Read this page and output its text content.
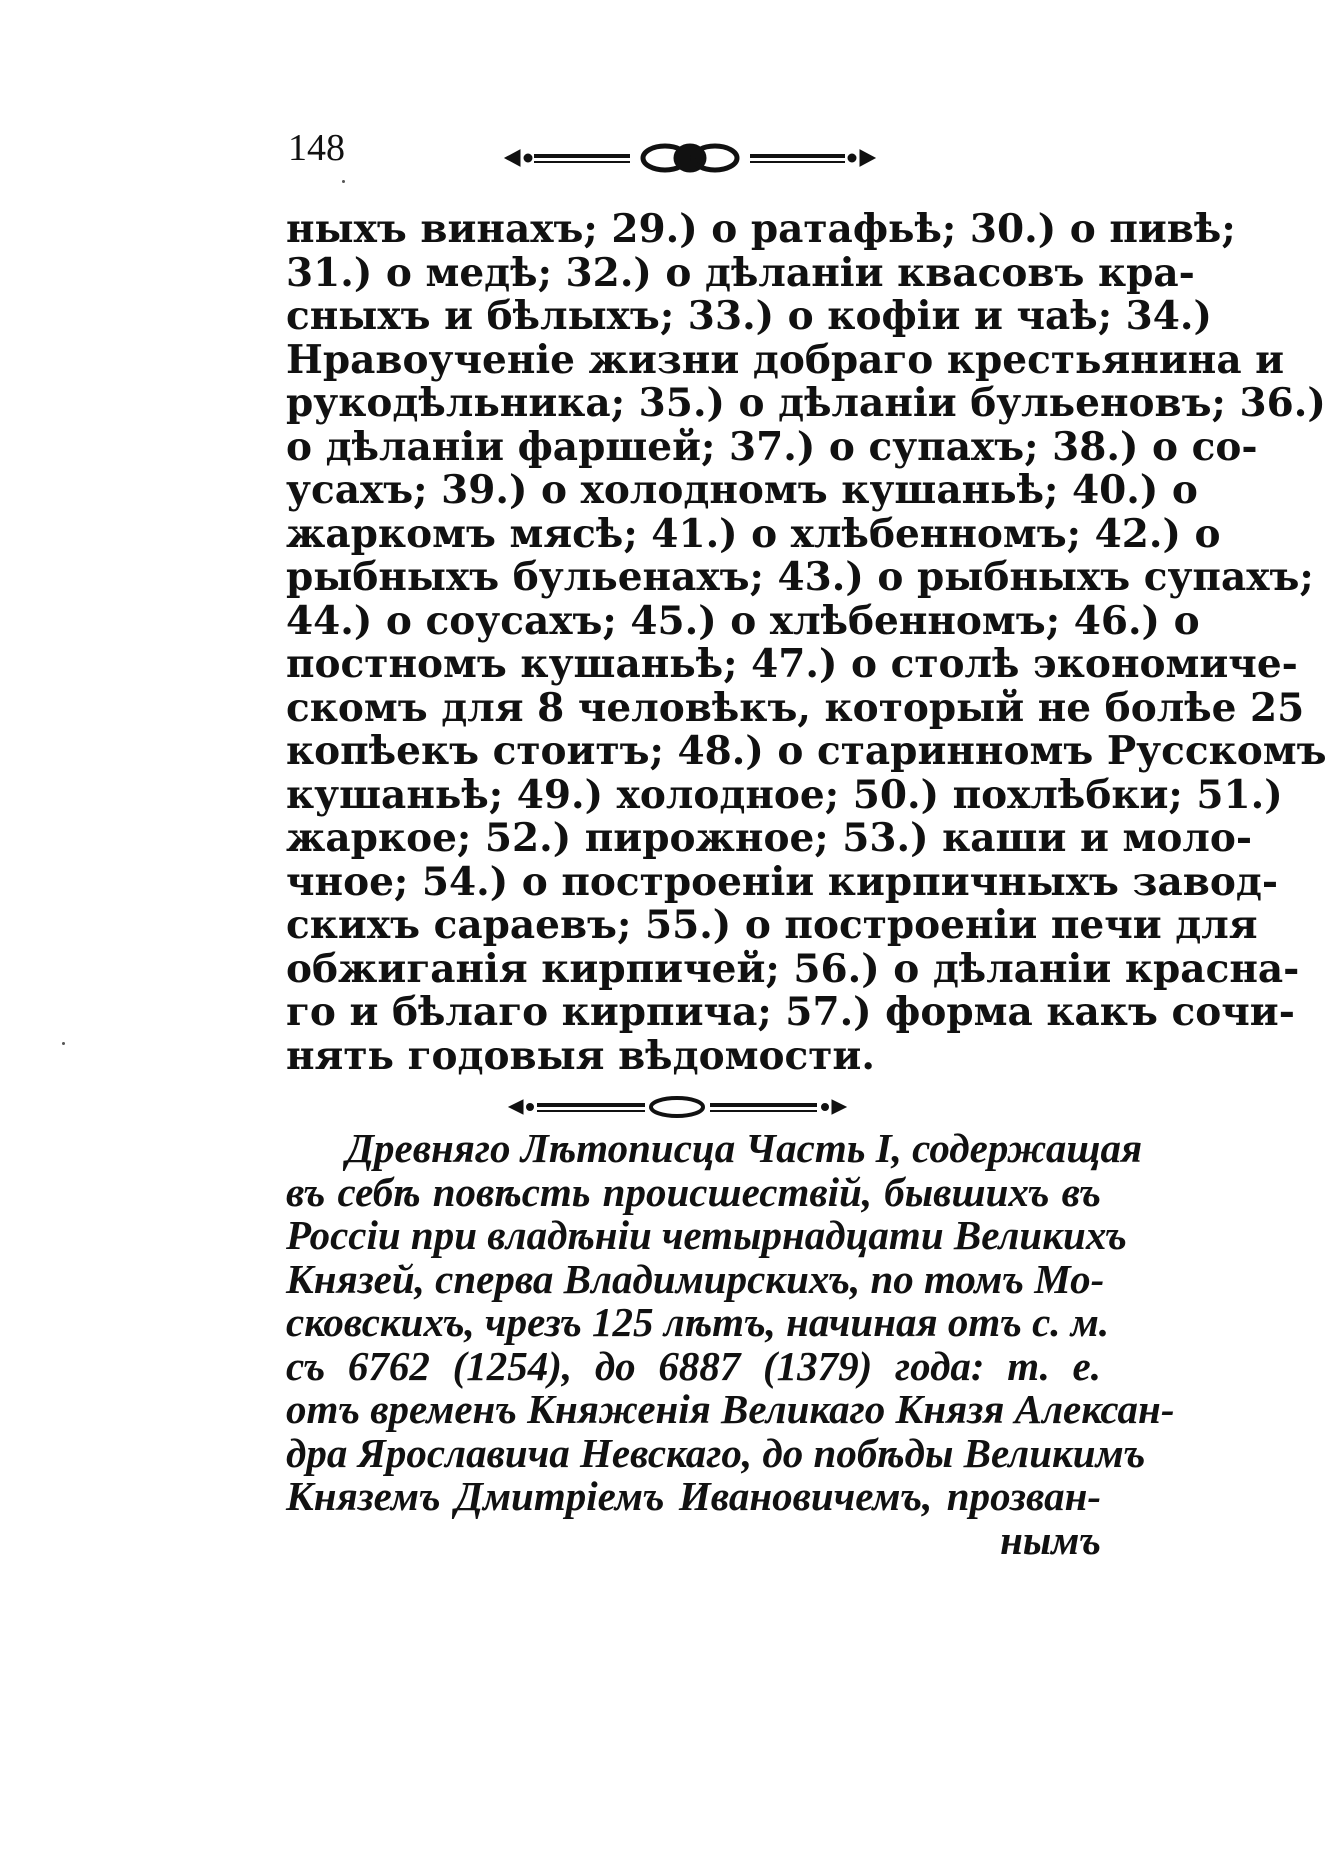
148
ныхъ винахъ; 29.) о ратафьѣ; 30.) о пивѣ;
31.) о медѣ; 32.) о дѣланіи квасовъ кра-
сныхъ и бѣлыхъ; 33.) о кофіи и чаѣ; 34.)
Нравоученіе жизни добраго крестьянина и
рукодѣльника; 35.) о дѣланіи бульеновъ; 36.)
о дѣланіи фаршей; 37.) о супахъ; 38.) о со-
усахъ; 39.) о холодномъ кушаньѣ; 40.) о
жаркомъ мясѣ; 41.) о хлѣбенномъ; 42.) о
рыбныхъ бульенахъ; 43.) о рыбныхъ супахъ;
44.) о соусахъ; 45.) о хлѣбенномъ; 46.) о
постномъ кушаньѣ; 47.) о столѣ экономиче-
скомъ для 8 человѣкъ, который не болѣе 25
копѣекъ стоитъ; 48.) о старинномъ Русскомъ
кушаньѣ; 49.) холодное; 50.) похлѣбки; 51.)
жаркое; 52.) пирожное; 53.) каши и моло-
чное; 54.) о построеніи кирпичныхъ завод-
скихъ сараевъ; 55.) о построеніи печи для
обжиганія кирпичей; 56.) о дѣланіи красна-
го и бѣлаго кирпича; 57.) форма какъ сочи-
нять годовыя вѣдомости.
Древняго Лѣтописца Часть I, содержащая
въ себѣ повѣсть происшествій, бывшихъ въ
Россіи при владѣніи четырнадцати Великихъ
Князей, сперва Владимирскихъ, по томъ Мо-
сковскихъ, чрезъ 125 лѣтъ, начиная отъ с. м.
съ 6762 (1254), до 6887 (1379) года: т. е.
отъ временъ Княженія Великаго Князя Алексан-
дра Ярославича Невскаго, до побѣды Великимъ
Княземъ Дмитріемъ Ивановичемъ, прозван-
нымъ
